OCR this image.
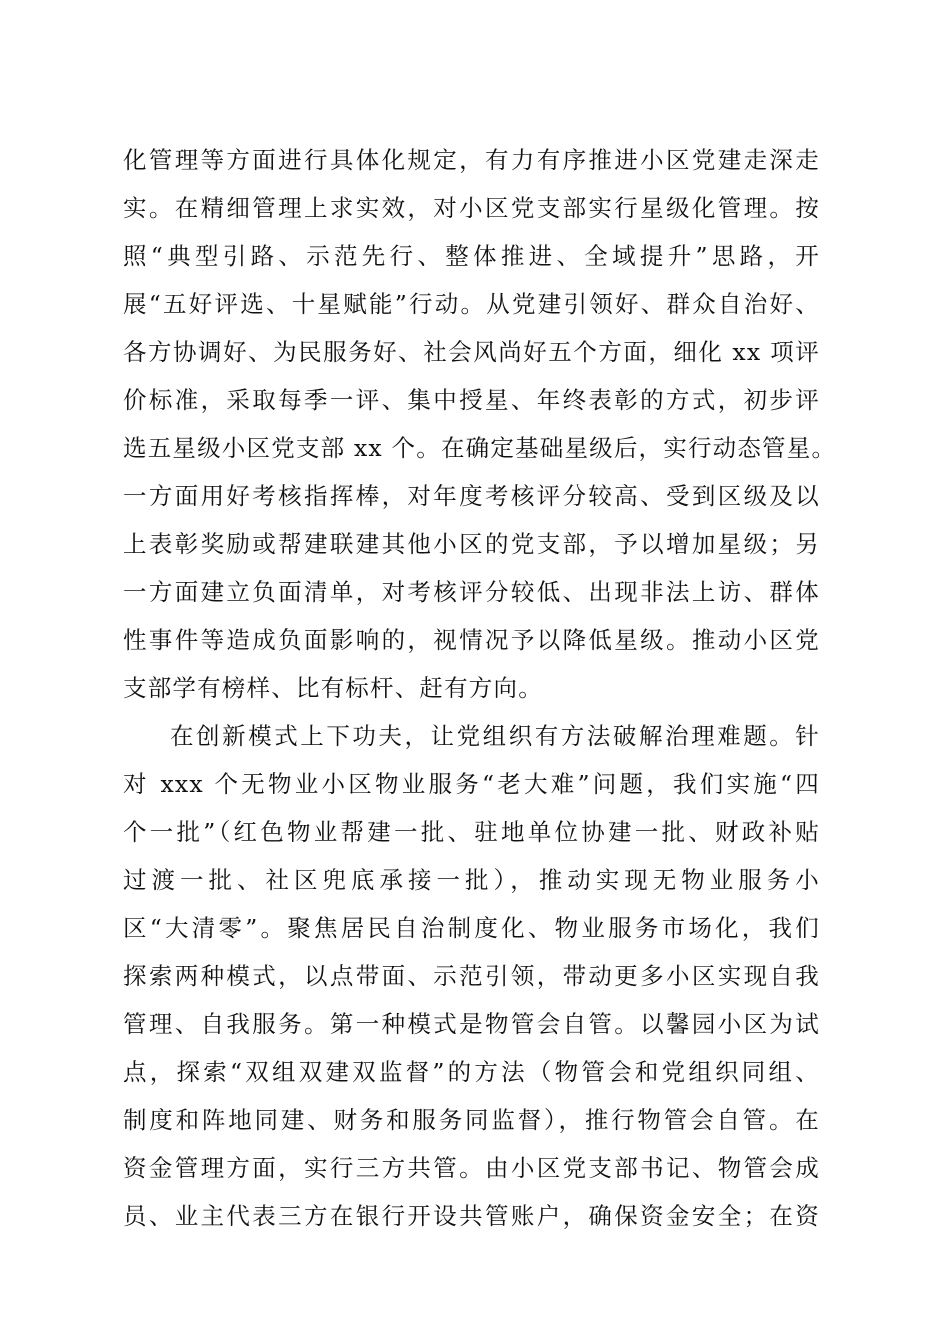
化管理等方面进行具体化规定，有力有序推进小区党建走深走
实。在精细管理上求实效，对小区党支部实行星级化管理。按
照“典型引路、示范先行、整体推进、全域提升”思路，开
展“五好评选、十星赋能”行动。从党建引领好、群众自治好、
各方协调好、为民服务好、社会风尚好五个方面，细化 xx 项评
价标准，采取每季一评、集中授星、年终表彰的方式，初步评
选五星级小区党支部 xx 个。在确定基础星级后，实行动态管星。
一方面用好考核指挥棒，对年度考核评分较高、受到区级及以
上表彰奖励或帮建联建其他小区的党支部，予以增加星级；另
一方面建立负面清单，对考核评分较低、出现非法上访、群体
性事件等造成负面影响的，视情况予以降低星级。推动小区党
支部学有榜样、比有标杆、赶有方向。
在创新模式上下功夫，让党组织有方法破解治理难题。针
对 xxx 个无物业小区物业服务“老大难”问题，我们实施“四
个一批”（红色物业帮建一批、驻地单位协建一批、财政补贴
过渡一批、社区兜底承接一批），推动实现无物业服务小
区“大清零”。聚焦居民自治制度化、物业服务市场化，我们
探索两种模式，以点带面、示范引领，带动更多小区实现自我
管理、自我服务。第一种模式是物管会自管。以馨园小区为试
点，探索“双组双建双监督”的方法（物管会和党组织同组、
制度和阵地同建、财务和服务同监督），推行物管会自管。在
资金管理方面，实行三方共管。由小区党支部书记、物管会成
员、业主代表三方在银行开设共管账户，确保资金安全；在资
